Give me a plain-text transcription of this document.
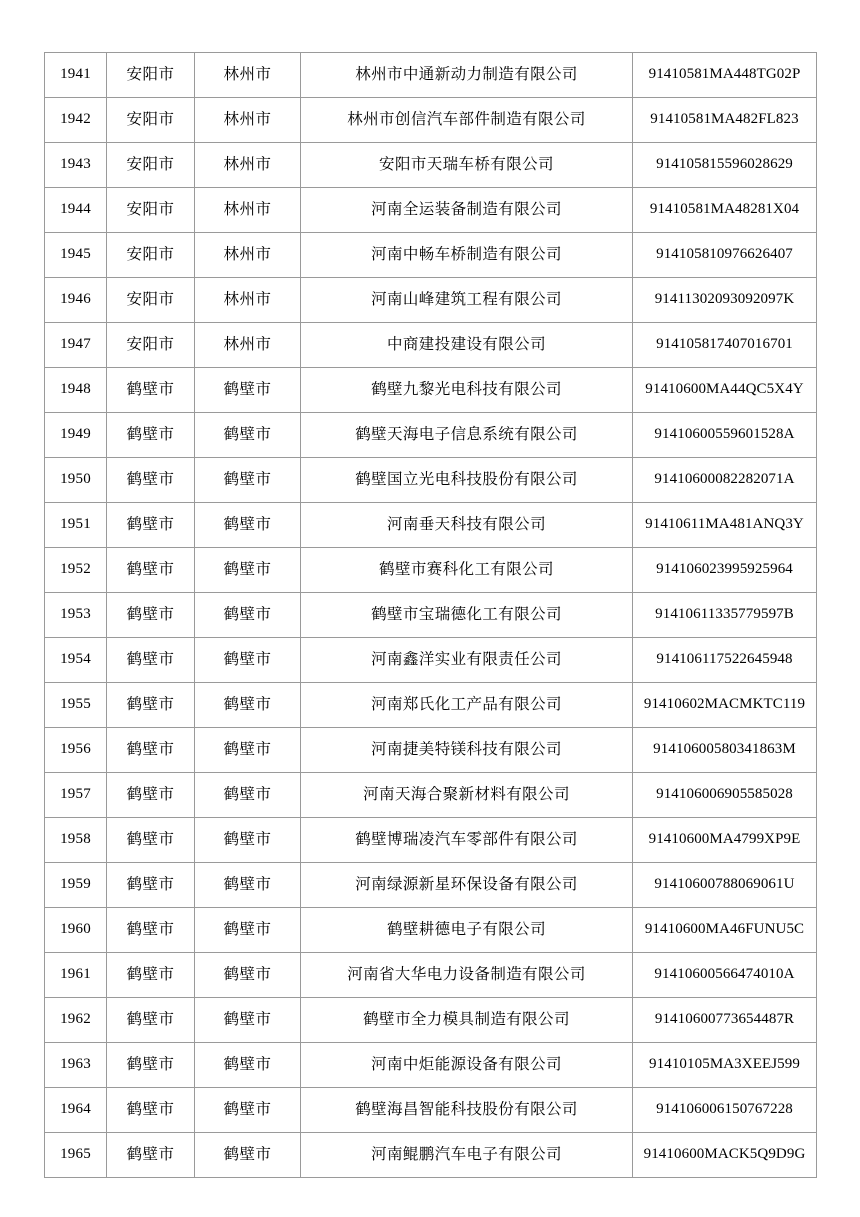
1941	安阳市	林州市	林州市中通新动力制造有限公司	91410581MA448TG02P
1942	安阳市	林州市	林州市创信汽车部件制造有限公司	91410581MA482FL823
1943	安阳市	林州市	安阳市天瑞车桥有限公司	914105815596028629
1944	安阳市	林州市	河南全运装备制造有限公司	91410581MA48281X04
1945	安阳市	林州市	河南中畅车桥制造有限公司	914105810976626407
1946	安阳市	林州市	河南山峰建筑工程有限公司	91411302093092097K
1947	安阳市	林州市	中商建投建设有限公司	914105817407016701
1948	鹤壁市	鹤壁市	鹤壁九黎光电科技有限公司	91410600MA44QC5X4Y
1949	鹤壁市	鹤壁市	鹤壁天海电子信息系统有限公司	91410600559601528A
1950	鹤壁市	鹤壁市	鹤壁国立光电科技股份有限公司	91410600082282071A
1951	鹤壁市	鹤壁市	河南垂天科技有限公司	91410611MA481ANQ3Y
1952	鹤壁市	鹤壁市	鹤壁市赛科化工有限公司	914106023995925964
1953	鹤壁市	鹤壁市	鹤壁市宝瑞德化工有限公司	91410611335779597B
1954	鹤壁市	鹤壁市	河南鑫洋实业有限责任公司	914106117522645948
1955	鹤壁市	鹤壁市	河南郑氏化工产品有限公司	91410602MACMKTC119
1956	鹤壁市	鹤壁市	河南捷美特镁科技有限公司	91410600580341863M
1957	鹤壁市	鹤壁市	河南天海合聚新材料有限公司	914106006905585028
1958	鹤壁市	鹤壁市	鹤壁博瑞凌汽车零部件有限公司	91410600MA4799XP9E
1959	鹤壁市	鹤壁市	河南绿源新星环保设备有限公司	91410600788069061U
1960	鹤壁市	鹤壁市	鹤壁耕德电子有限公司	91410600MA46FUNU5C
1961	鹤壁市	鹤壁市	河南省大华电力设备制造有限公司	91410600566474010A
1962	鹤壁市	鹤壁市	鹤壁市全力模具制造有限公司	91410600773654487R
1963	鹤壁市	鹤壁市	河南中炬能源设备有限公司	91410105MA3XEEJ599
1964	鹤壁市	鹤壁市	鹤壁海昌智能科技股份有限公司	914106006150767228
1965	鹤壁市	鹤壁市	河南鲲鹏汽车电子有限公司	91410600MACK5Q9D9G
